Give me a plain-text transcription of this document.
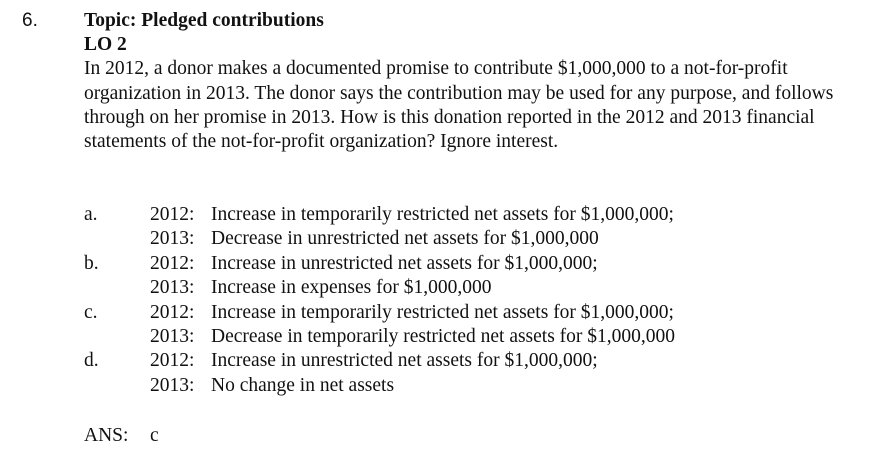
6. Topic: Pledged contributions
LO 2

In 2012, a donor makes a documented promise to contribute $1,000,000 to a not-for-profit organization in 2013. The donor says the contribution may be used for any purpose, and follows through on her promise in 2013. How is this donation reported in the 2012 and 2013 financial statements of the not-for-profit organization? Ignore interest.

a.	2012: Increase in temporarily restricted net assets for $1,000,000;
2013: Decrease in unrestricted net assets for $1,000,000
b.	2012: Increase in unrestricted net assets for $1,000,000;
2013: Increase in expenses for $1,000,000
c.	2012: Increase in temporarily restricted net assets for $1,000,000;
2013: Decrease in temporarily restricted net assets for $1,000,000
d.	2012: Increase in unrestricted net assets for $1,000,000;
2013: No change in net assets
ANS:	c
